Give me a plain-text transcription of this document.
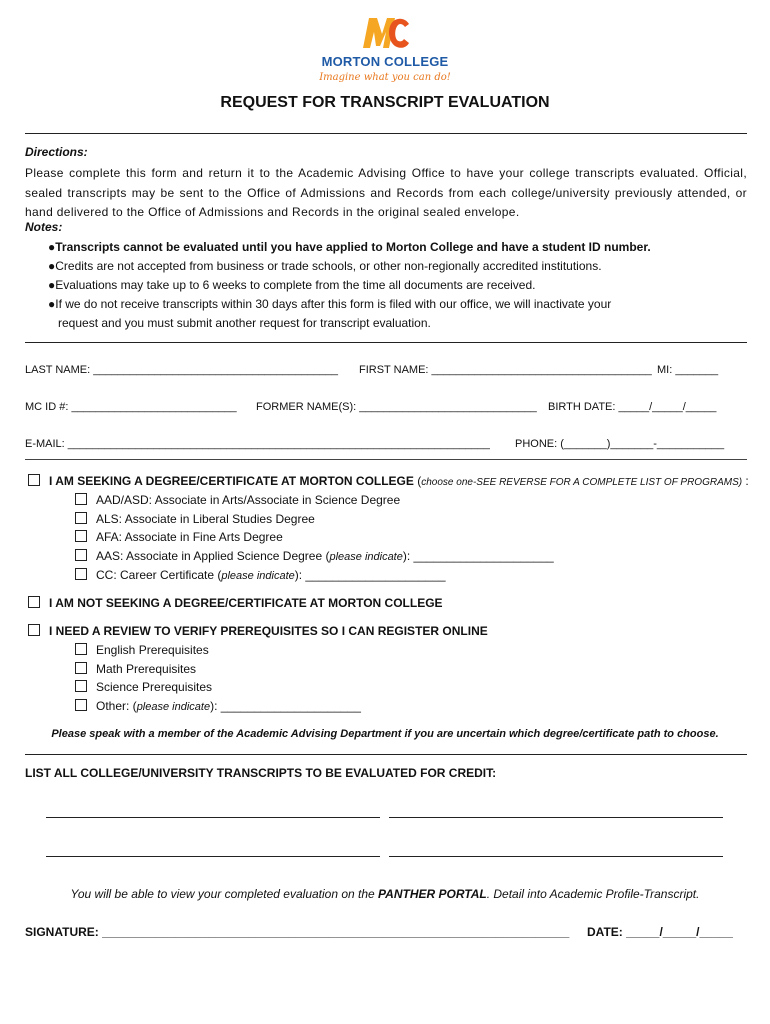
MORTON COLLEGE
Imagine what you can do!
REQUEST FOR TRANSCRIPT EVALUATION
Directions:
Please complete this form and return it to the Academic Advising Office to have your college transcripts evaluated. Official, sealed transcripts may be sent to the Office of Admissions and Records from each college/university previously attended, or hand delivered to the Office of Admissions and Records in the original sealed envelope.
Notes:
●Transcripts cannot be evaluated until you have applied to Morton College and have a student ID number.
●Credits are not accepted from business or trade schools, or other non-regionally accredited institutions.
●Evaluations may take up to 6 weeks to complete from the time all documents are received.
●If we do not receive transcripts within 30 days after this form is filed with our office, we will inactivate your
request and you must submit another request for transcript evaluation.
LAST NAME: ________________________________________ FIRST NAME: ____________________________________ MI: _______
MC ID #: ___________________________ FORMER NAME(S): _____________________________ BIRTH DATE: _____/_____/_____
E-MAIL: _____________________________________________________________________ PHONE: (_______)_______-___________
I AM SEEKING A DEGREE/CERTIFICATE AT MORTON COLLEGE (choose one-SEE REVERSE FOR A COMPLETE LIST OF PROGRAMS) :
AAD/ASD: Associate in Arts/Associate in Science Degree
ALS: Associate in Liberal Studies Degree
AFA: Associate in Fine Arts Degree
AAS: Associate in Applied Science Degree (please indicate): _____________________
CC: Career Certificate (please indicate): _____________________
I AM NOT SEEKING A DEGREE/CERTIFICATE AT MORTON COLLEGE
I NEED A REVIEW TO VERIFY PREREQUISITES SO I CAN REGISTER ONLINE
English Prerequisites
Math Prerequisites
Science Prerequisites
Other: (please indicate): _____________________
Please speak with a member of the Academic Advising Department if you are uncertain which degree/certificate path to choose.
LIST ALL COLLEGE/UNIVERSITY TRANSCRIPTS TO BE EVALUATED FOR CREDIT:
You will be able to view your completed evaluation on the PANTHER PORTAL. Detail into Academic Profile-Transcript.
SIGNATURE: ______________________________________________________________________ DATE: _____/_____/_____
